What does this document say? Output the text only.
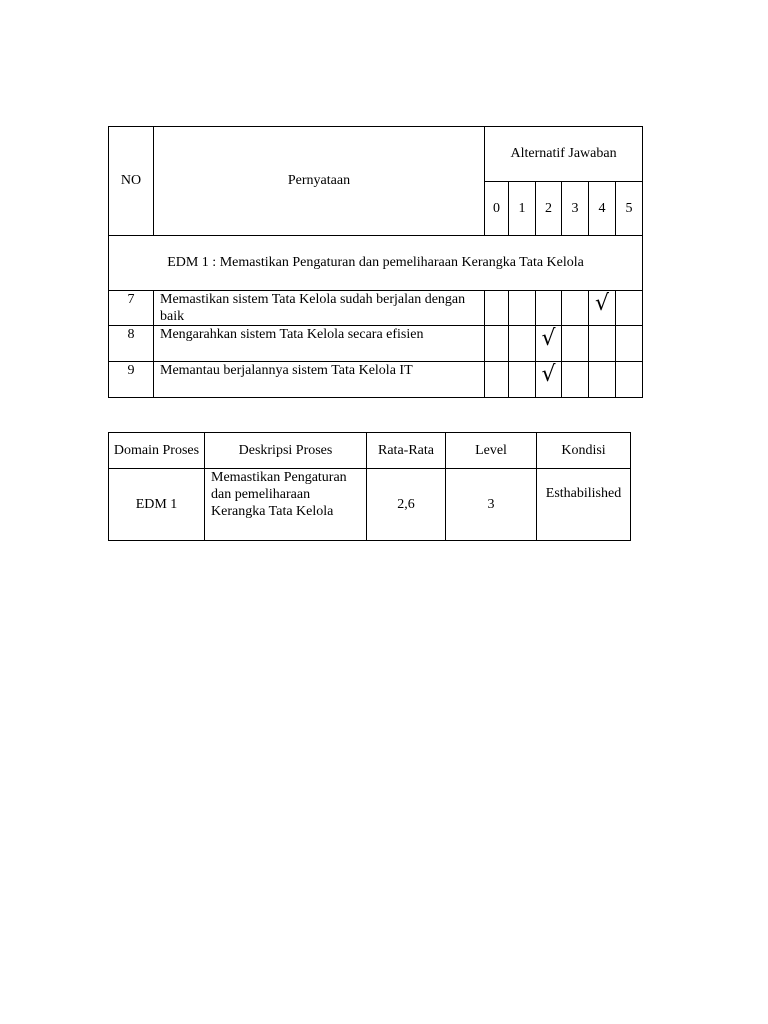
NO	Pernyataan	Alternatif Jawaban					
		0	1	2	3	4	5
EDM 1 : Memastikan Pengaturan dan pemeliharaan Kerangka Tata Kelola							
7	Memastikan sistem Tata Kelola sudah berjalan dengan baik					√	
8	Mengarahkan sistem Tata Kelola secara efisien			√			
9	Memantau berjalannya sistem Tata Kelola IT			√			
Domain Proses	Deskripsi Proses	Rata-Rata	Level	Kondisi
EDM 1	Memastikan Pengaturan dan pemeliharaan Kerangka Tata Kelola	2,6	3	Esthabilished
